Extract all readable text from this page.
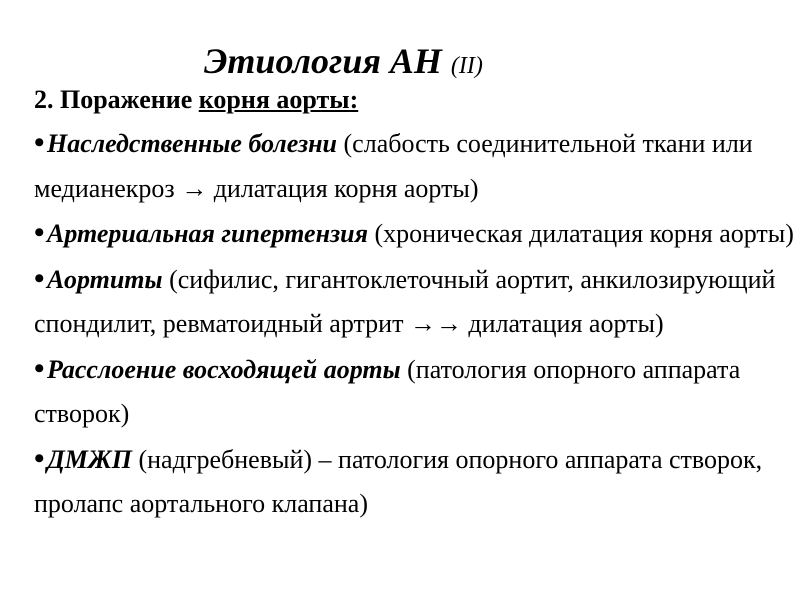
Этиология АН (II)
2. Поражение корня аорты:
•Наследственные болезни (слабость соединительной ткани или медианекроз → дилатация корня аорты)
•Артериальная гипертензия (хроническая дилатация корня аорты)
•Аортиты (сифилис, гигантоклеточный аортит, анкилозирующий спондилит, ревматоидный артрит →→ дилатация аорты)
•Расслоение восходящей аорты (патология опорного аппарата створок)
•ДМЖП (надгребневый) – патология опорного аппарата створок, пролапс аортального клапана)
